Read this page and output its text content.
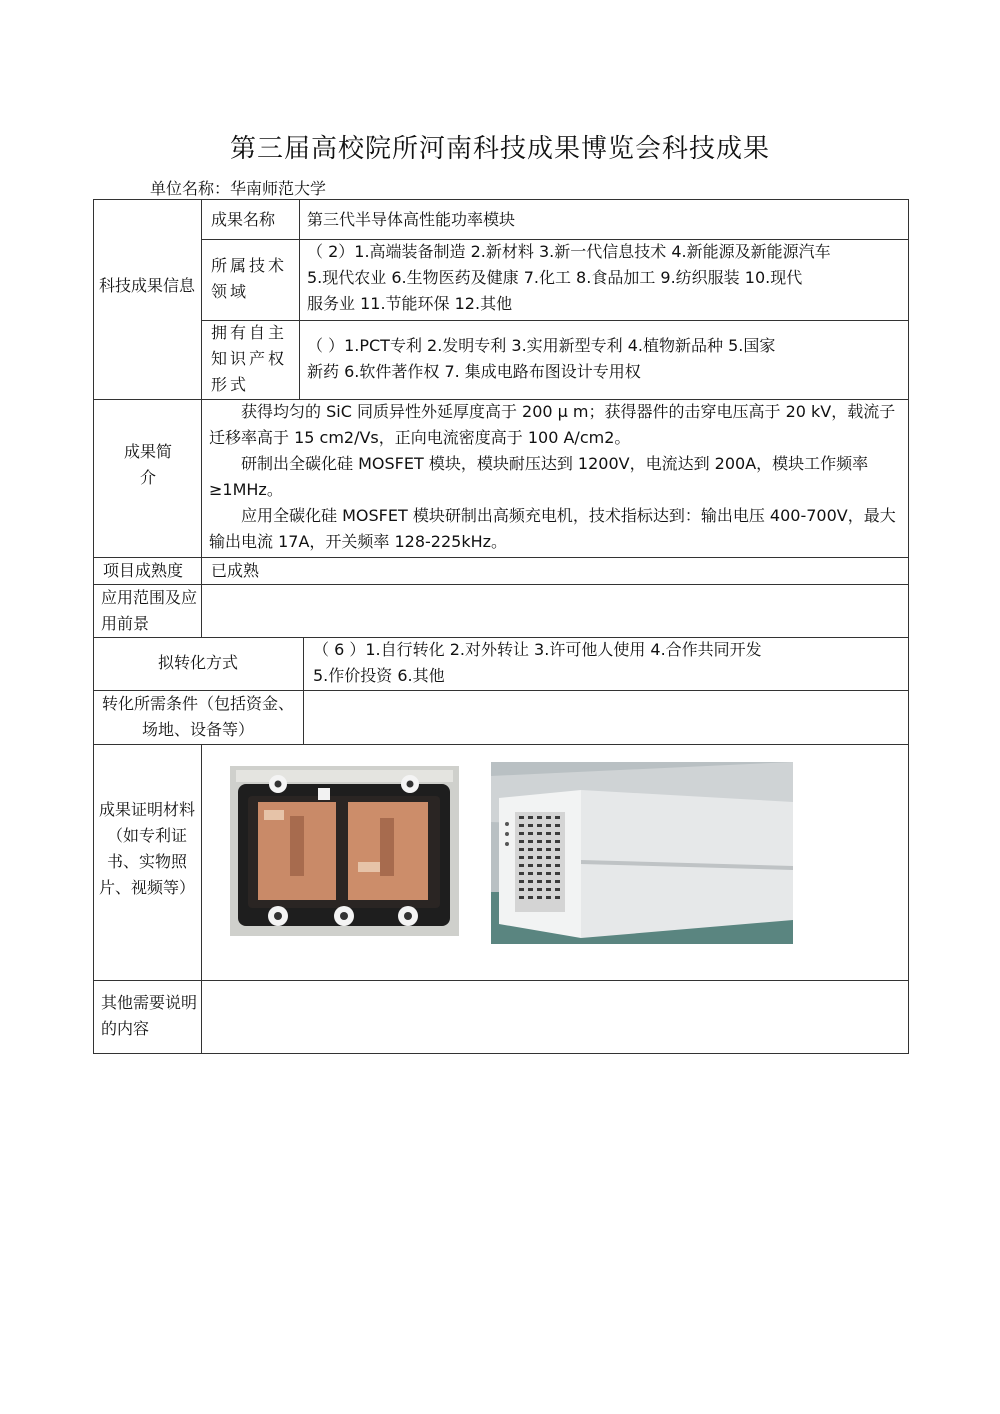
第三届高校院所河南科技成果博览会科技成果
单位名称：华南师范大学
科技成果信息
成果名称	第三代半导体高性能功率模块
所属技术领域
（ 2）1.高端装备制造 2.新材料 3.新一代信息技术 4.新能源及新能源汽车
5.现代农业 6.生物医药及健康 7.化工 8.食品加工 9.纺织服装 10.现代
服务业 11.节能环保 12.其他
拥有自主知识产权形式
（ ）1.PCT专利 2.发明专利 3.实用新型专利 4.植物新品种 5.国家
新药 6.软件著作权 7. 集成电路布图设计专用权
成果简介

获得均匀的 SiC 同质异性外延厚度高于 200 μ m；获得器件的击穿电压高于 20 kV，载流子迁移率高于 15 cm2/Vs，正向电流密度高于 100 A/cm2。

研制出全碳化硅 MOSFET 模块，模块耐压达到 1200V，电流达到 200A，模块工作频率≥1MHz。

应用全碳化硅 MOSFET 模块研制出高频充电机，技术指标达到：输出电压 400-700V，最大输出电流 17A，开关频率 128-225kHz。

项目成熟度	已成熟
应用范围及应用前景
拟转化方式
（ 6 ）1.自行转化 2.对外转让 3.许可他人使用 4.合作共同开发
5.作价投资 6.其他
转化所需条件（包括资金、场地、设备等）
成果证明材料（如专利证书、实物照片、视频等）
其他需要说明的内容
